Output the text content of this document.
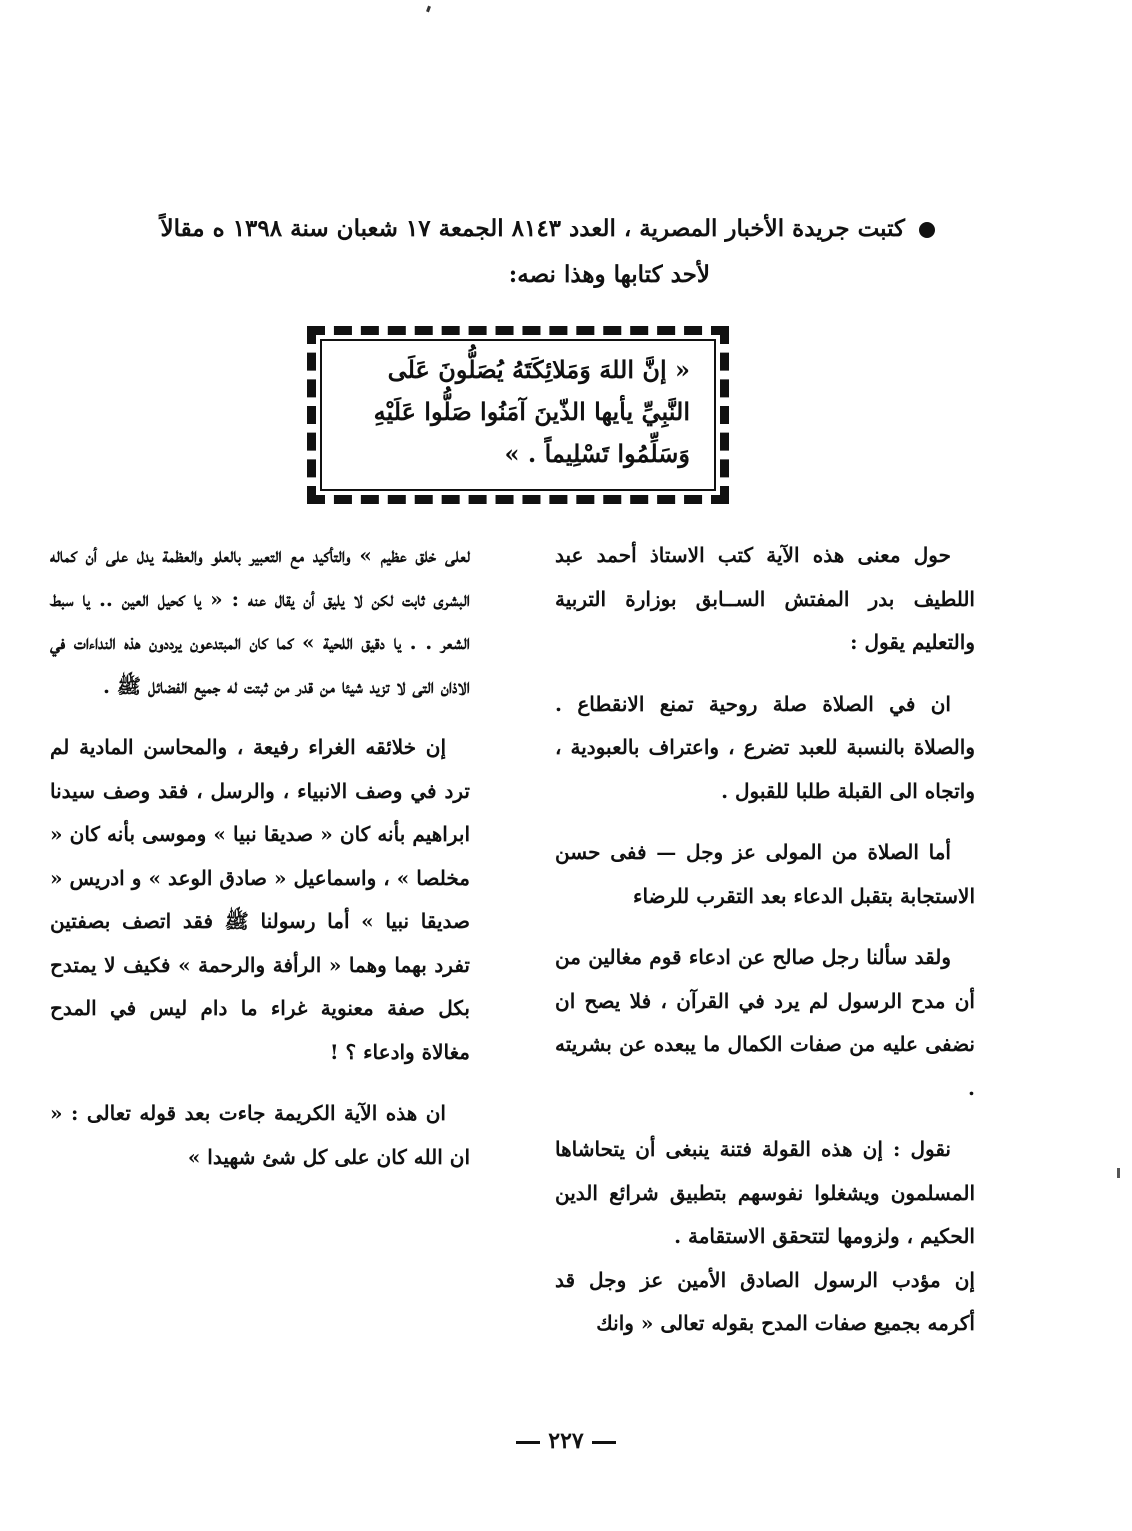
كتبت جريدة الأخبار المصرية ، العدد ٨١٤٣ الجمعة ١٧ شعبان سنة ١٣٩٨ ه مقالاً
لأحد كتابها وهذا نصه:
« إنَّ اللهَ وَمَلائِكَتَهُ يُصَلُّونَ عَلَى
النَّبِيِّ يأيها الذّينَ آمَنُوا صَلُّوا عَلَيْهِ
وَسَلِّمُوا تَسْلِيماً . »

حول معنى هذه الآية كتب الاستاذ أحمد عبد اللطيف بدر المفتش الســابق بوزارة التربية والتعليم يقول :

ان في الصلاة صلة روحية تمنع الانقطاع . والصلاة بالنسبة للعبد تضرع ، واعتراف بالعبودية ، واتجاه الى القبلة طلبا للقبول .

أما الصلاة من المولى عز وجل — ففى حسن الاستجابة بتقبل الدعاء بعد التقرب للرضاء

ولقد سألنا رجل صالح عن ادعاء قوم مغالين من أن مدح الرسول لم يرد في القرآن ، فلا يصح ان نضفى عليه من صفات الكمال ما يبعده عن بشريته .

نقول : إن هذه القولة فتنة ينبغى أن يتحاشاها المسلمون ويشغلوا نفوسهم بتطبيق شرائع الدين الحكيم ، ولزومها لتتحقق الاستقامة .

إن مؤدب الرسول الصادق الأمين عز وجل قد أكرمه بجميع صفات المدح بقوله تعالى « وانك

لعلى خلق عظيم » والتأكيد مع التعبير بالعلو والعظمة يدل على أن كماله البشرى ثابت لكن لا يليق أن يقال عنه : « يا كحيل العين .. يا سبط الشعر . . يا دقيق اللحية » كما كان المبتدعون يرددون هذه النداءات في الاذان التى لا تزيد شيئا من قدر من ثبتت له جميع الفضائل ﷺ .

إن خلائقه الغراء رفيعة ، والمحاسن المادية لم ترد في وصف الانبياء ، والرسل ، فقد وصف سيدنا ابراهيم بأنه كان « صديقا نبيا » وموسى بأنه كان « مخلصا » ، واسماعيل « صادق الوعد » و ادريس « صديقا نبيا » أما رسولنا ﷺ فقد اتصف بصفتين تفرد بهما وهما « الرأفة والرحمة » فكيف لا يمتدح بكل صفة معنوية غراء ما دام ليس في المدح مغالاة وادعاء ؟ !

ان هذه الآية الكريمة جاءت بعد قوله تعالى : « ان الله كان على كل شئ شهيدا »

٢٢٧
